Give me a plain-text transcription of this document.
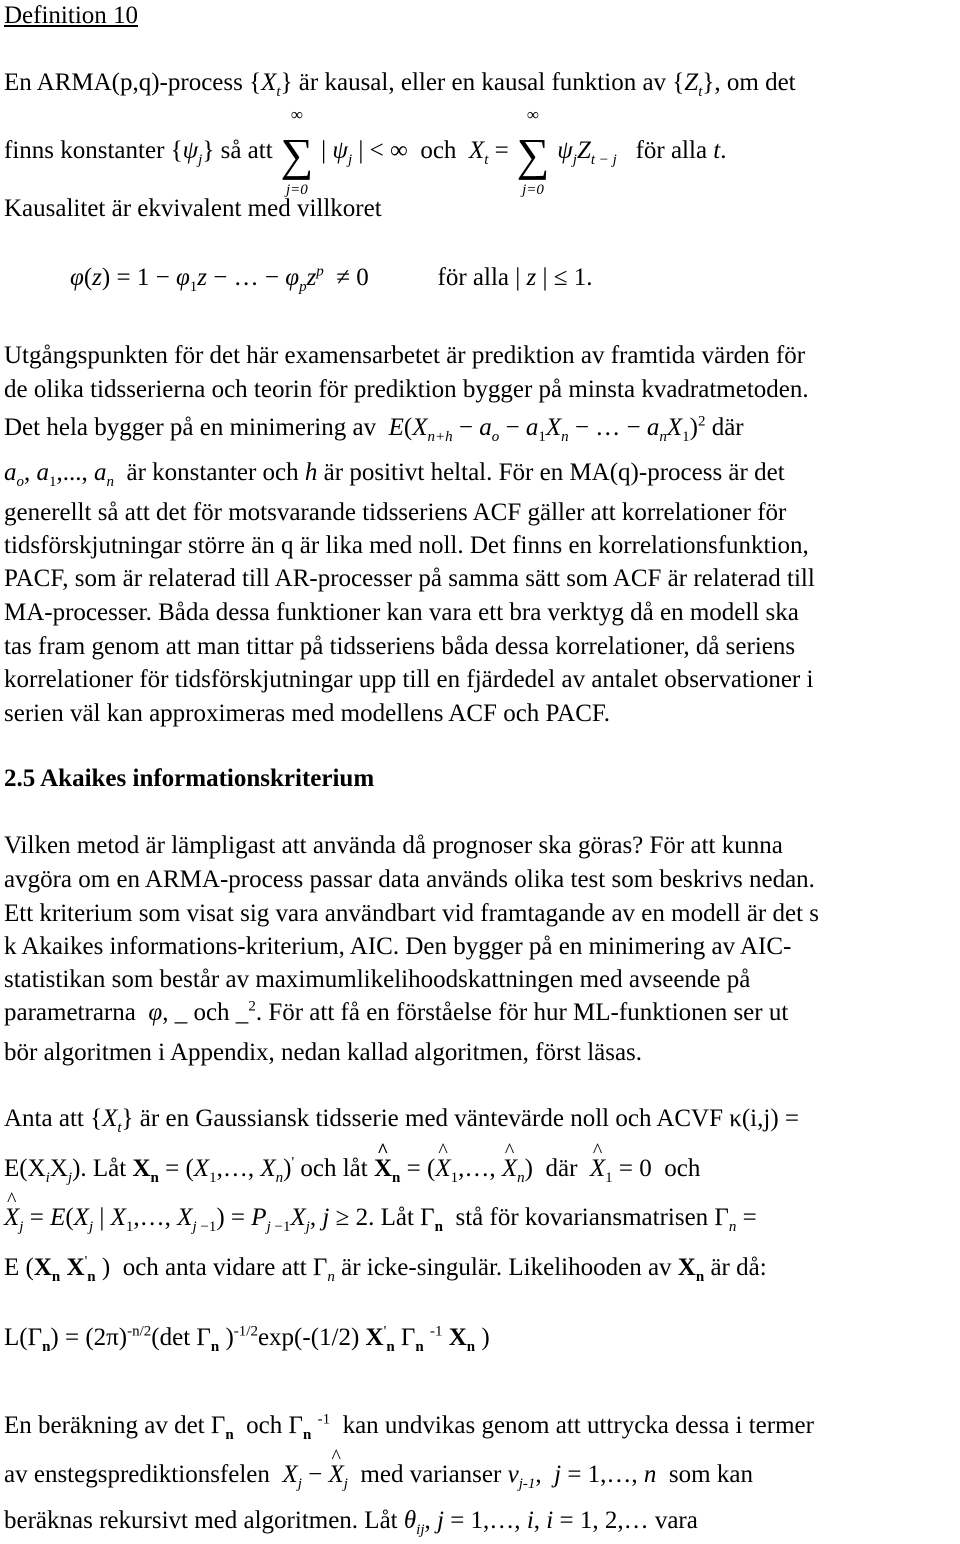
Definition 10
En ARMA(p,q)-process $\{X_t\}$ är kausal, eller en kausal funktion av $\{Z_t\}$, om det
finns konstanter $\{\psi_j\}$ så att
∞
∑
j=0
| $\psi_j$ | < ∞  och $X_t$ =
∞
∑
j=0
$\psi_jZ_{t - j}$ för alla t.
Kausalitet är ekvivalent med villkoret
$\varphi(z) = 1 - \varphi_1z$ − … − $\varphi_pz^p \ne 0$           för alla | z | ≤ 1.
Utgångspunkten för det här examensarbetet är prediktion av framtida värden för
de olika tidsserierna och teorin för prediktion bygger på minsta kvadratmetoden.
Det hela bygger på en minimering av $E(X_{n+h} - a_o - a_1X_n$ − … − $a_nX_1)^2$ där
$a_o$, $a_1$,..., $a_n$ är konstanter och h är positivt heltal. För en MA(q)-process är det
generellt så att det för motsvarande tidsseriens ACF gäller att korrelationer för
tidsförskjutningar större än q är lika med noll. Det finns en korrelationsfunktion,
PACF, som är relaterad till AR-processer på samma sätt som ACF är relaterad till
MA-processer. Båda dessa funktioner kan vara ett bra verktyg då en modell ska
tas fram genom att man tittar på tidsseriens båda dessa korrelationer, då seriens
korrelationer för tidsförskjutningar upp till en fjärdedel av antalet observationer i
serien väl kan approximeras med modellens ACF och PACF.
2.5 Akaikes informationskriterium
Vilken metod är lämpligast att använda då prognoser ska göras? För att kunna
avgöra om en ARMA-process passar data används olika test som beskrivs nedan.
Ett kriterium som visat sig vara användbart vid framtagande av en modell är det s
k Akaikes informations-kriterium, AIC. Den bygger på en minimering av AIC-
statistikan som består av maximumlikelihoodskattningen med avseende på
parametrarna φ, _ och _$^2$. För att få en förståelse för hur ML-funktionen ser ut
bör algoritmen i Appendix, nedan kallad algoritmen, först läsas.
Anta att $\{X_t\}$ är en Gaussiansk tidsserie med väntevärde noll och ACVF κ(i,j) =
$E(X_iX_j)$. Låt $X_n$ = ($X_1,\dots$, $X_n)'$ och låt ^ $X_n$ = (^ $X_1,\dots$, ^ $X_n$)  där ^ $X_1 = 0$  och
^ $X_j = E(X_j$ | $X_1,\dots$, $X_j$ $_{-1}) = P_j$ $_{-1}X_j$, j ≥ 2. Låt $\Gamma_n$ stå för kovariansmatrisen $\Gamma_n$ =
E ($X_n$ $X'_n$ )  och anta vidare att $\Gamma_n$ är icke-singulär. Likelihooden av $X_n$ är då:
$L(\Gamma_n) = (2\pi)^{-n/2}(\det$ $\Gamma_n$ )$^{-1/2}$exp(-(1/2) $X'_n$ $\Gamma_n$ $^{-1}$ $X_n$ )
En beräkning av $\det \Gamma_n$ och $\Gamma_n$ $^{-1}$ kan undvikas genom att uttrycka dessa i termer
av enstegsprediktionsfelen $X_j$ − ^ $X_j$ med varianser $v_{j-1}$,  j = 1,…, n som kan
beräknas rekursivt med algoritmen. Låt $\theta_{ij}$, j = 1,…, i, i = 1, 2,… vara
